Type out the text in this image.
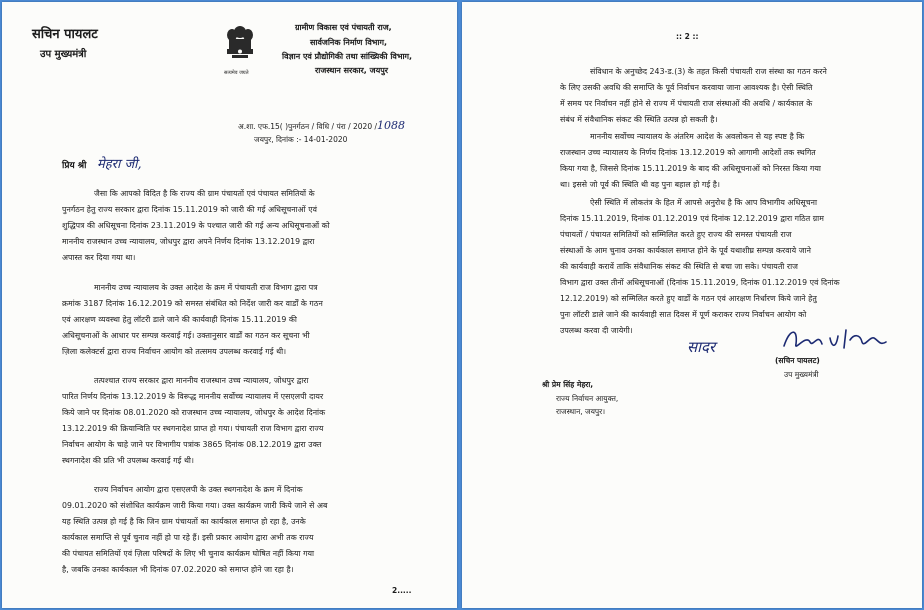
सचिन पायलट
उप मुख्यमंत्री
सत्यमेव जयते
ग्रामीण विकास एवं पंचायती राज,
सार्वजनिक निर्माण विभाग,
विज्ञान एवं प्रौद्योगिकी तथा सांख्यिकी विभाग,
राजस्थान सरकार, जयपुर
अ.शा. एफ.15( )पुनर्गठन / विधि / पंरा / 2020 /1088
जयपुर, दिनांक :- 14-01-2020
प्रिय श्री मेहरा जी,
जैसा कि आपको विदित है कि राज्य की ग्राम पंचायतों एवं पंचायत समितियों के
पुनर्गठन हेतु राज्य सरकार द्वारा दिनांक 15.11.2019 को जारी की गई अधिसूचनाओं एवं
शुद्धिपत्र की अधिसूचना दिनांक 23.11.2019 के पश्चात जारी की गई अन्य अधिसूचनाओं को
माननीय राजस्थान उच्च न्यायालय, जोधपुर द्वारा अपने निर्णय दिनांक 13.12.2019 द्वारा
अपास्त कर दिया गया था।
माननीय उच्च न्यायालय के उक्त आदेश के क्रम में पंचायती राज विभाग द्वारा पत्र
क्रमांक 3187 दिनांक 16.12.2019 को समस्त संबंधित को निर्देश जारी कर वार्डों के गठन
एवं आरक्षण व्यवस्था हेतु लॉटरी डाले जाने की कार्यवाही दिनांक 15.11.2019 की
अधिसूचनाओं के आधार पर सम्पन्न करवाई गई। उक्तानुसार वार्डों का गठन कर सूचना भी
ज़िला कलेक्टर्स द्वारा राज्य निर्वाचन आयोग को तत्समय उपलब्ध करवाई गई थी।
तत्पश्चात राज्य सरकार द्वारा माननीय राजस्थान उच्च न्यायालय, जोधपुर द्वारा
पारित निर्णय दिनांक 13.12.2019 के विरूद्ध माननीय सर्वोच्च न्यायालय में एसएलपी दायर
किये जाने पर दिनांक 08.01.2020 को राजस्थान उच्च न्यायालय, जोधपुर के आदेश दिनांक
13.12.2019 की क्रियान्विति पर स्थगनादेश प्राप्त हो गया। पंचायती राज विभाग द्वारा राज्य
निर्वाचन आयोग के चाहे जाने पर विभागीय पत्रांक 3865 दिनांक 08.12.2019 द्वारा उक्त
स्थगनादेश की प्रति भी उपलब्ध करवाई गई थी।
राज्य निर्वाचन आयोग द्वारा एसएलपी के उक्त स्थगनादेश के क्रम में दिनांक
09.01.2020 को संशोधित कार्यक्रम जारी किया गया। उक्त कार्यक्रम जारी किये जाने से अब
यह स्थिति उत्पन्न हो गई है कि जिन ग्राम पंचायतों का कार्यकाल समाप्त हो रहा है, उनके
कार्यकाल समाप्ति से पूर्व चुनाव नहीं हो पा रहे हैं। इसी प्रकार आयोग द्वारा अभी तक राज्य
की पंचायत समितियों एवं ज़िला परिषदों के लिए भी चुनाव कार्यक्रम घोषित नहीं किया गया
है, जबकि उनका कार्यकाल भी दिनांक 07.02.2020 को समाप्त होने जा रहा है।
2.....
:: 2 ::
संविधान के अनुच्छेद 243-ड.(3) के तहत किसी पंचायती राज संस्था का गठन करने
के लिए उसकी अवधि की समाप्ति के पूर्व निर्वाचन करवाया जाना आवश्यक है। ऐसी स्थिति
में समय पर निर्वाचन नहीं होने से राज्य में पंचायती राज संस्थाओं की अवधि / कार्यकाल के
संबंध में संवैधानिक संकट की स्थिति उत्पन्न हो सकती है।
माननीय सर्वोच्च न्यायालय के अंतरिम आदेश के अवलोकन से यह स्पष्ट है कि
राजस्थान उच्च न्यायालय के निर्णय दिनांक 13.12.2019 को आगामी आदेशों तक स्थगित
किया गया है, जिससे दिनांक 15.11.2019 के बाद की अधिसूचनाओं को निरस्त किया गया
था। इससे जो पूर्व की स्थिति थी वह पुनः बहाल हो गई है।
ऐसी स्थिति में लोकतंत्र के हित में आपसे अनुरोध है कि आप विभागीय अधिसूचना
दिनांक 15.11.2019, दिनांक 01.12.2019 एवं दिनांक 12.12.2019 द्वारा गठित ग्राम
पंचायतों / पंचायत समितियों को सम्मिलित करते हुए राज्य की समस्त पंचायती राज
संस्थाओं के आम चुनाव उनका कार्यकाल समाप्त होने के पूर्व यथाशीघ्र सम्पन्न करवाये जाने
की कार्यवाही करावें ताकि संवैधानिक संकट की स्थिति से बचा जा सके। पंचायती राज
विभाग द्वारा उक्त तीनों अधिसूचनाओं (दिनांक 15.11.2019, दिनांक 01.12.2019 एवं दिनांक
12.12.2019) को सम्मिलित करते हुए वार्डों के गठन एवं आरक्षण निर्धारण किये जाने हेतु
पुनः लॉटरी डाले जाने की कार्यवाही सात दिवस में पूर्ण कराकर राज्य निर्वाचन आयोग को
उपलब्ध करवा दी जायेगी।
सादर
(सचिन पायलट)
उप मुख्यमंत्री
श्री प्रेम सिंह मेहरा,
राज्य निर्वाचन आयुक्त,
राजस्थान, जयपुर।
